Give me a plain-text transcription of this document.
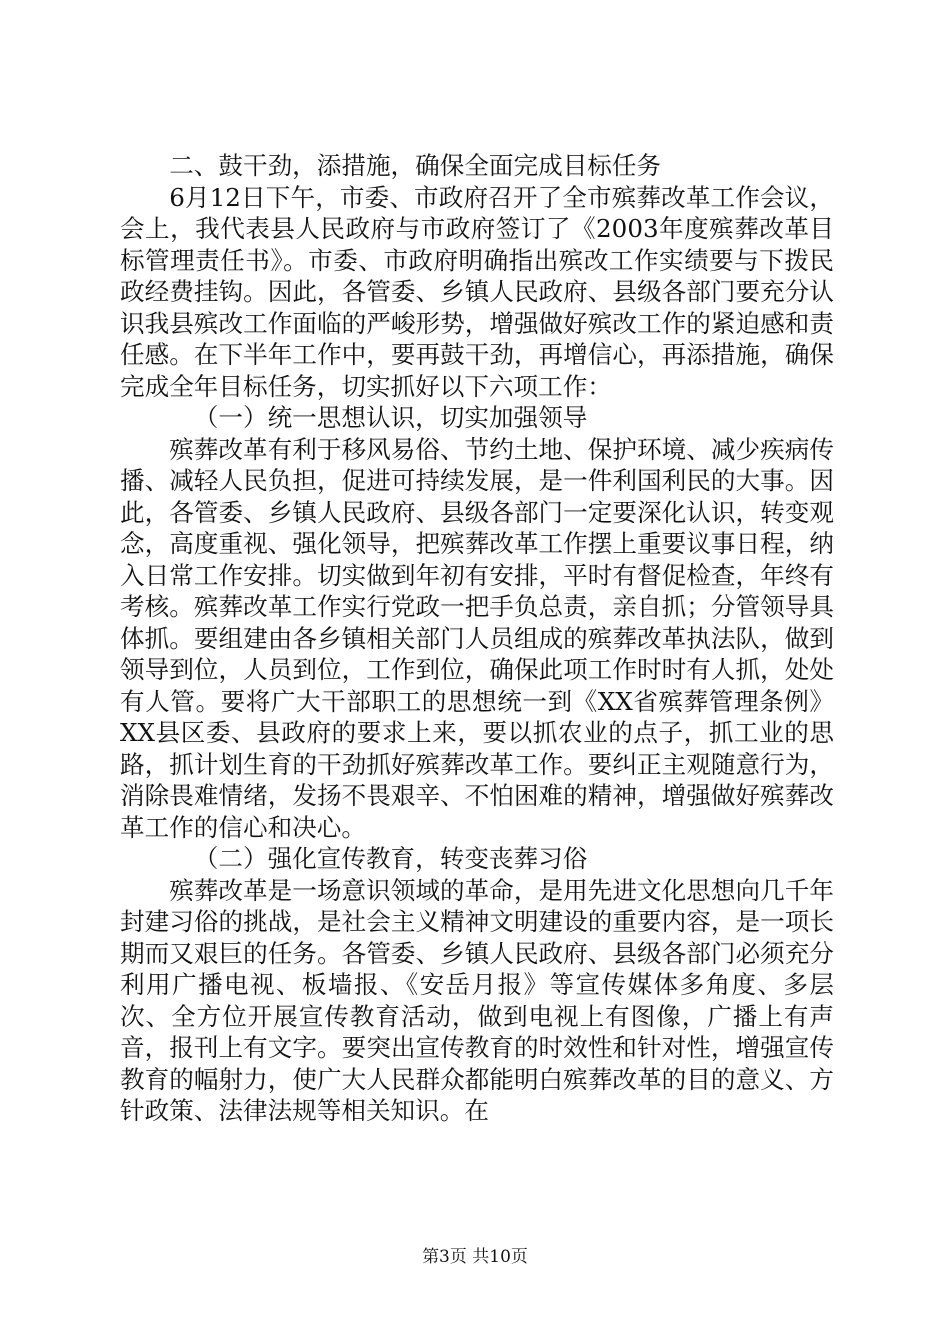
二、鼓干劲，添措施，确保全面完成目标任务

6月12日下午，市委、市政府召开了全市殡葬改革工作会议，会上，我代表县人民政府与市政府签订了《2003年度殡葬改革目标管理责任书》。市委、市政府明确指出殡改工作实绩要与下拨民政经费挂钩。因此，各管委、乡镇人民政府、县级各部门要充分认识我县殡改工作面临的严峻形势，增强做好殡改工作的紧迫感和责任感。在下半年工作中，要再鼓干劲，再增信心，再添措施，确保完成全年目标任务，切实抓好以下六项工作：

（一）统一思想认识，切实加强领导

殡葬改革有利于移风易俗、节约土地、保护环境、减少疾病传播、减轻人民负担，促进可持续发展，是一件利国利民的大事。因此，各管委、乡镇人民政府、县级各部门一定要深化认识，转变观念，高度重视、强化领导，把殡葬改革工作摆上重要议事日程，纳入日常工作安排。切实做到年初有安排，平时有督促检查，年终有考核。殡葬改革工作实行党政一把手负总责，亲自抓；分管领导具体抓。要组建由各乡镇相关部门人员组成的殡葬改革执法队，做到领导到位，人员到位，工作到位，确保此项工作时时有人抓，处处有人管。要将广大干部职工的思想统一到《XX省殡葬管理条例》XX县区委、县政府的要求上来，要以抓农业的点子，抓工业的思路，抓计划生育的干劲抓好殡葬改革工作。要纠正主观随意行为，消除畏难情绪，发扬不畏艰辛、不怕困难的精神，增强做好殡葬改革工作的信心和决心。

（二）强化宣传教育，转变丧葬习俗

殡葬改革是一场意识领域的革命，是用先进文化思想向几千年封建习俗的挑战，是社会主义精神文明建设的重要内容，是一项长期而又艰巨的任务。各管委、乡镇人民政府、县级各部门必须充分利用广播电视、板墙报、《安岳月报》等宣传媒体多角度、多层次、全方位开展宣传教育活动，做到电视上有图像，广播上有声音，报刊上有文字。要突出宣传教育的时效性和针对性，增强宣传教育的幅射力，使广大人民群众都能明白殡葬改革的目的意义、方针政策、法律法规等相关知识。在

第3页 共10页
